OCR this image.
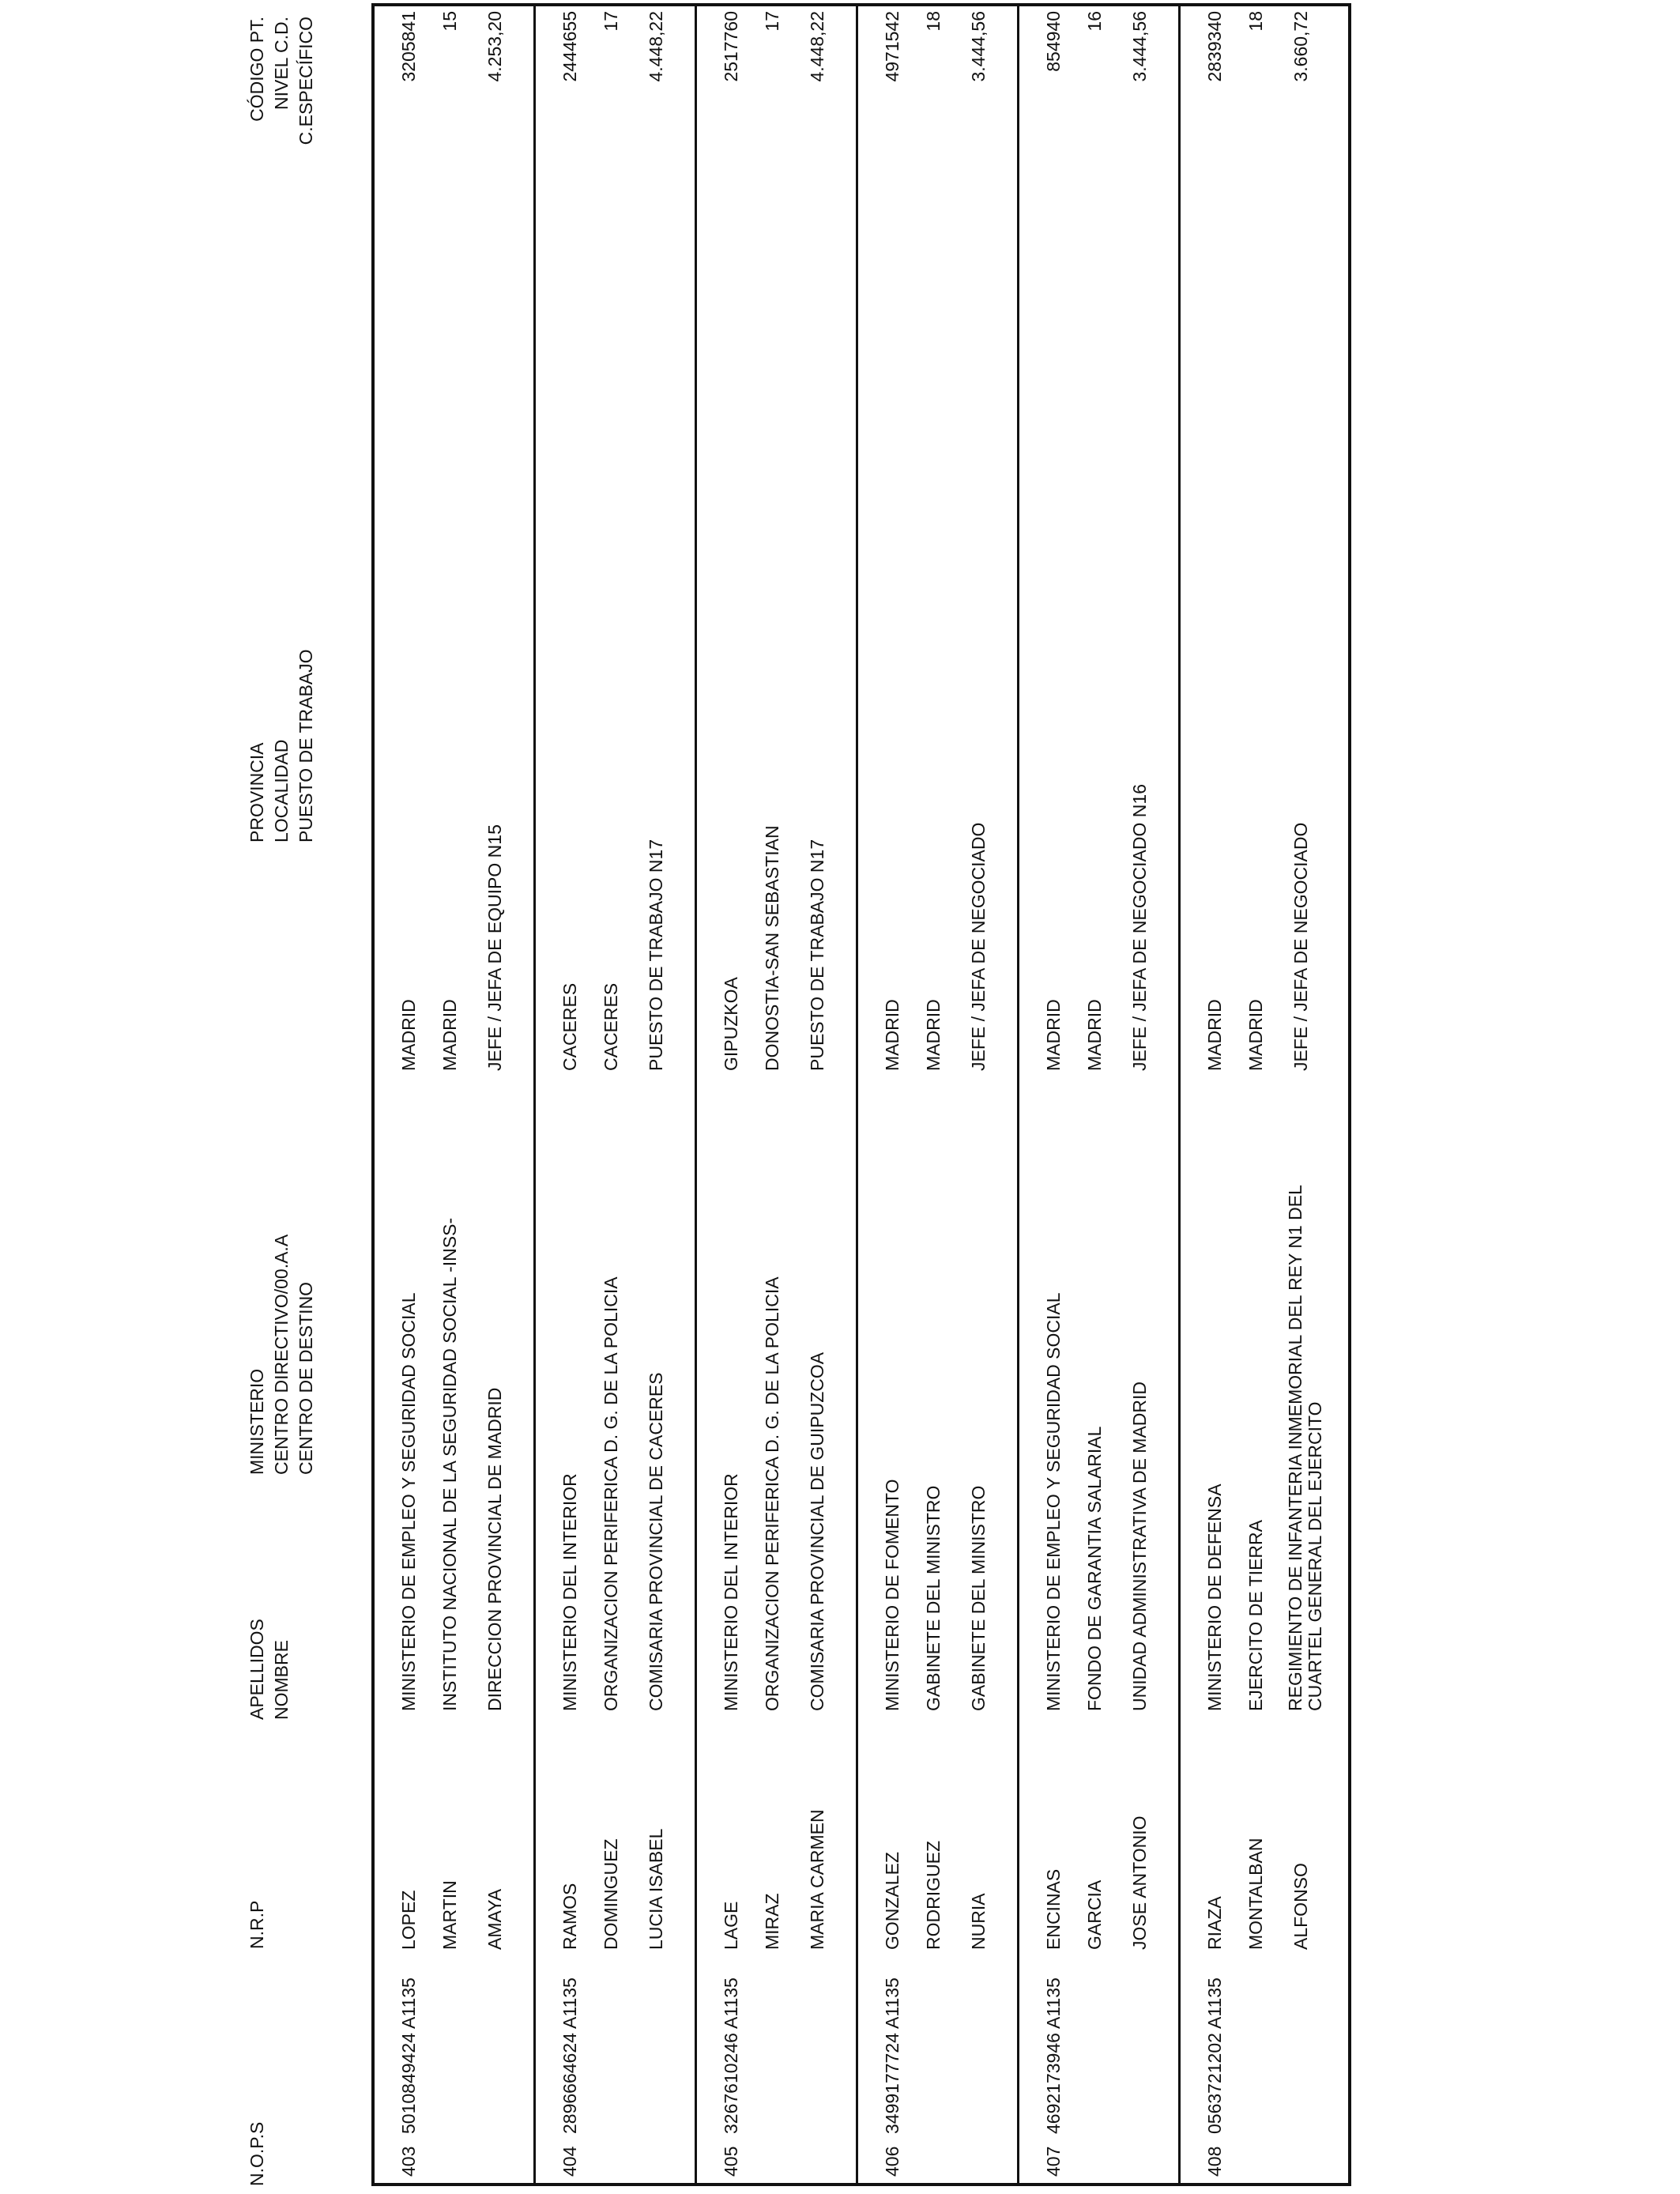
N.O.P.S
N.R.P
APELLIDOS NOMBRE
MINISTERIO CENTRO DIRECTIVO/00.A.A CENTRO DE DESTINO
PROVINCIA LOCALIDAD PUESTO DE TRABAJO
CÓDIGO PT. NIVEL C.D. C.ESPECÍFICO
403
5010849424 A1135
LOPEZ MARTIN AMAYA
MINISTERIO DE EMPLEO Y SEGURIDAD SOCIAL INSTITUTO NACIONAL DE LA SEGURIDAD SOCIAL -INSS- DIRECCION PROVINCIAL DE MADRID
MADRID MADRID JEFE / JEFA DE EQUIPO N15
3205841 15 4.253,20
404
2896664624 A1135
RAMOS DOMINGUEZ LUCIA ISABEL
MINISTERIO DEL INTERIOR ORGANIZACION PERIFERICA D. G. DE LA POLICIA COMISARIA PROVINCIAL DE CACERES
CACERES CACERES PUESTO DE TRABAJO N17
2444655 17 4.448,22
405
3267610246 A1135
LAGE MIRAZ MARIA CARMEN
MINISTERIO DEL INTERIOR ORGANIZACION PERIFERICA D. G. DE LA POLICIA COMISARIA PROVINCIAL DE GUIPUZCOA
GIPUZKOA DONOSTIA-SAN SEBASTIAN PUESTO DE TRABAJO N17
2517760 17 4.448,22
406
3499177724 A1135
GONZALEZ RODRIGUEZ NURIA
MINISTERIO DE FOMENTO GABINETE DEL MINISTRO GABINETE DEL MINISTRO
MADRID MADRID JEFE / JEFA DE NEGOCIADO
4971542 18 3.444,56
407
4692173946 A1135
ENCINAS GARCIA JOSE ANTONIO
MINISTERIO DE EMPLEO Y SEGURIDAD SOCIAL FONDO DE GARANTIA SALARIAL UNIDAD ADMINISTRATIVA DE MADRID
MADRID MADRID JEFE / JEFA DE NEGOCIADO N16
854940 16 3.444,56
408
0563721202 A1135
RIAZA MONTALBAN ALFONSO
MINISTERIO DE DEFENSA EJERCITO DE TIERRA REGIMIENTO DE INFANTERIA INMEMORIAL DEL REY N1 DEL CUARTEL GENERAL DEL EJERCITO
MADRID MADRID JEFE / JEFA DE NEGOCIADO
2839340 18 3.660,72
